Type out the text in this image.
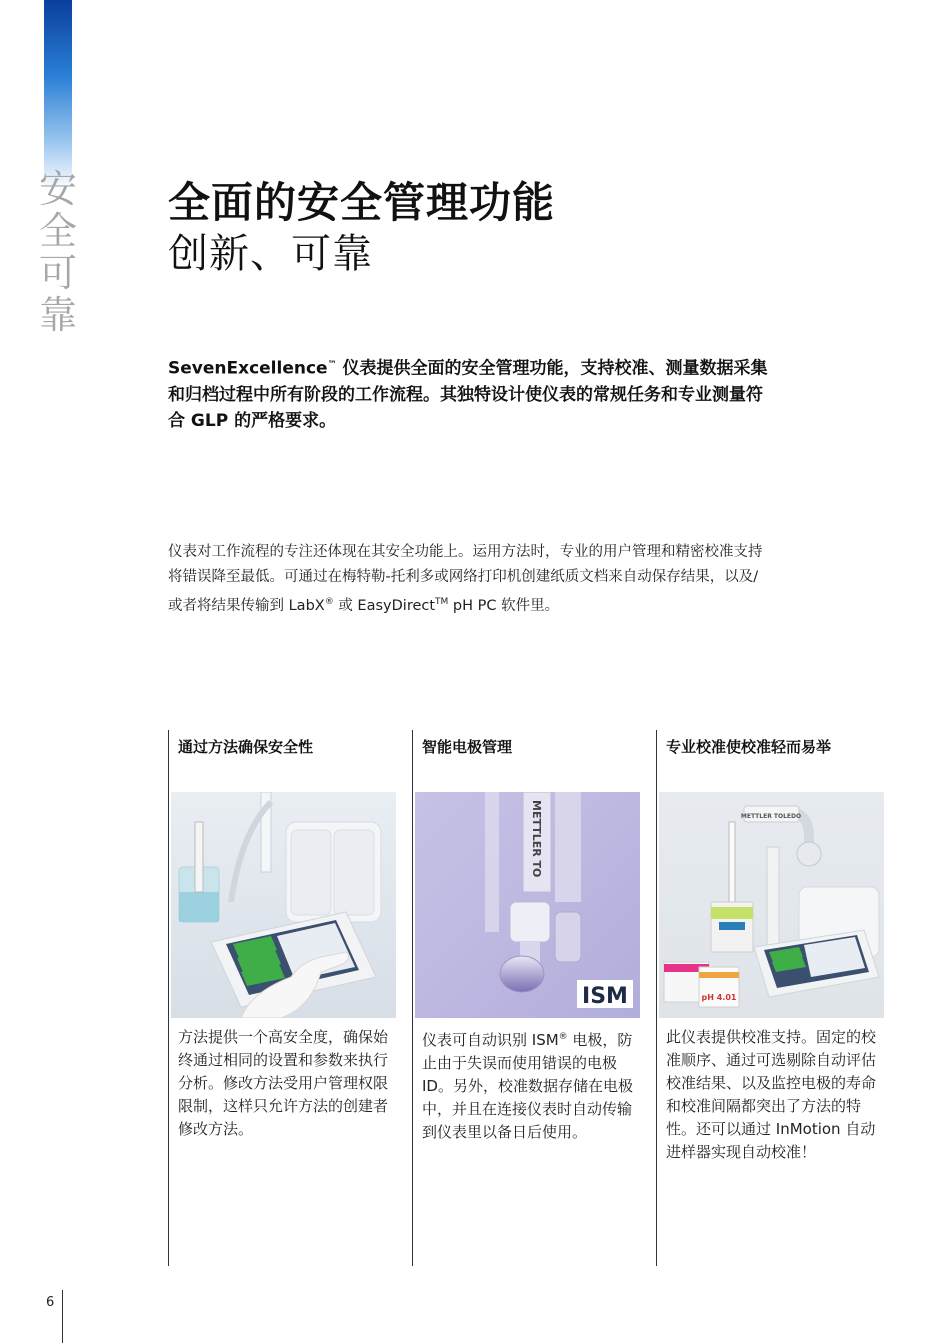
安
全
可
靠
全面的安全管理功能
创新、可靠
SevenExcellence™ 仪表提供全面的安全管理功能，支持校准、测量数据采集和归档过程中所有阶段的工作流程。其独特设计使仪表的常规任务和专业测量符合 GLP 的严格要求。
仪表对工作流程的专注还体现在其安全功能上。运用方法时，专业的用户管理和精密校准支持将错误降至最低。可通过在梅特勒-托利多或网络打印机创建纸质文档来自动保存结果，以及/或者将结果传输到 LabX® 或 EasyDirect™ pH PC 软件里。
通过方法确保安全性
方法提供一个高安全度，确保始终通过相同的设置和参数来执行分析。修改方法受用户管理权限限制，这样只允许方法的创建者修改方法。
智能电极管理
METTLER TO
ISM
仪表可自动识别 ISM® 电极，防止由于失误而使用错误的电极 ID。另外，校准数据存储在电极中，并且在连接仪表时自动传输到仪表里以备日后使用。
专业校准使校准轻而易举
METTLER TOLEDO
pH 4.01
此仪表提供校准支持。固定的校准顺序、通过可选剔除自动评估校准结果、以及监控电极的寿命和校准间隔都突出了方法的特性。还可以通过 InMotion 自动进样器实现自动校准！
6
